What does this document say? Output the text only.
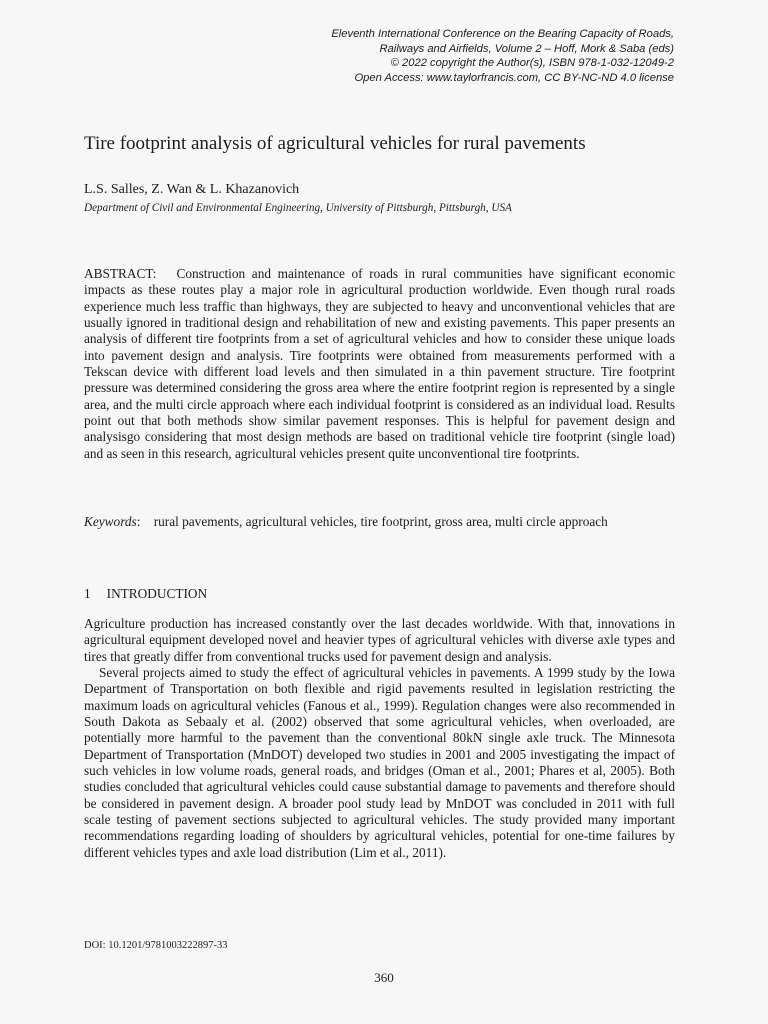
Eleventh International Conference on the Bearing Capacity of Roads,
Railways and Airfields, Volume 2 – Hoff, Mork & Saba (eds)
© 2022 copyright the Author(s), ISBN 978-1-032-12049-2
Open Access: www.taylorfrancis.com, CC BY-NC-ND 4.0 license
Tire footprint analysis of agricultural vehicles for rural pavements
L.S. Salles, Z. Wan & L. Khazanovich
Department of Civil and Environmental Engineering, University of Pittsburgh, Pittsburgh, USA

ABSTRACT: Construction and maintenance of roads in rural communities have significant economic impacts as these routes play a major role in agricultural production worldwide. Even though rural roads experience much less traffic than highways, they are subjected to heavy and unconventional vehicles that are usually ignored in traditional design and rehabilitation of new and existing pavements. This paper presents an analysis of different tire footprints from a set of agricultural vehicles and how to consider these unique loads into pavement design and analysis. Tire footprints were obtained from measurements performed with a Tekscan device with different load levels and then simulated in a thin pavement structure. Tire footprint pressure was determined considering the gross area where the entire footprint region is represented by a single area, and the multi circle approach where each individual footprint is considered as an individual load. Results point out that both methods show similar pavement responses. This is helpful for pavement design and analysisgo considering that most design methods are based on traditional vehicle tire footprint (single load) and as seen in this research, agricultural vehicles present quite unconventional tire footprints.

Keywords:    rural pavements, agricultural vehicles, tire footprint, gross area, multi circle approach

1 INTRODUCTION

Agriculture production has increased constantly over the last decades worldwide. With that, innovations in agricultural equipment developed novel and heavier types of agricultural vehicles with diverse axle types and tires that greatly differ from conventional trucks used for pavement design and analysis.

Several projects aimed to study the effect of agricultural vehicles in pavements. A 1999 study by the Iowa Department of Transportation on both flexible and rigid pavements resulted in legislation restricting the maximum loads on agricultural vehicles (Fanous et al., 1999). Regulation changes were also recommended in South Dakota as Sebaaly et al. (2002) observed that some agricultural vehicles, when overloaded, are potentially more harmful to the pavement than the conventional 80kN single axle truck. The Minnesota Department of Transportation (MnDOT) developed two studies in 2001 and 2005 investigating the impact of such vehicles in low volume roads, general roads, and bridges (Oman et al., 2001; Phares et al, 2005). Both studies concluded that agricultural vehicles could cause substantial damage to pavements and therefore should be considered in pavement design. A broader pool study lead by MnDOT was concluded in 2011 with full scale testing of pavement sections subjected to agricultural vehicles. The study provided many important recommendations regarding loading of shoulders by agricultural vehicles, potential for one-time failures by different vehicles types and axle load distribution (Lim et al., 2011).

DOI: 10.1201/9781003222897-33
360
